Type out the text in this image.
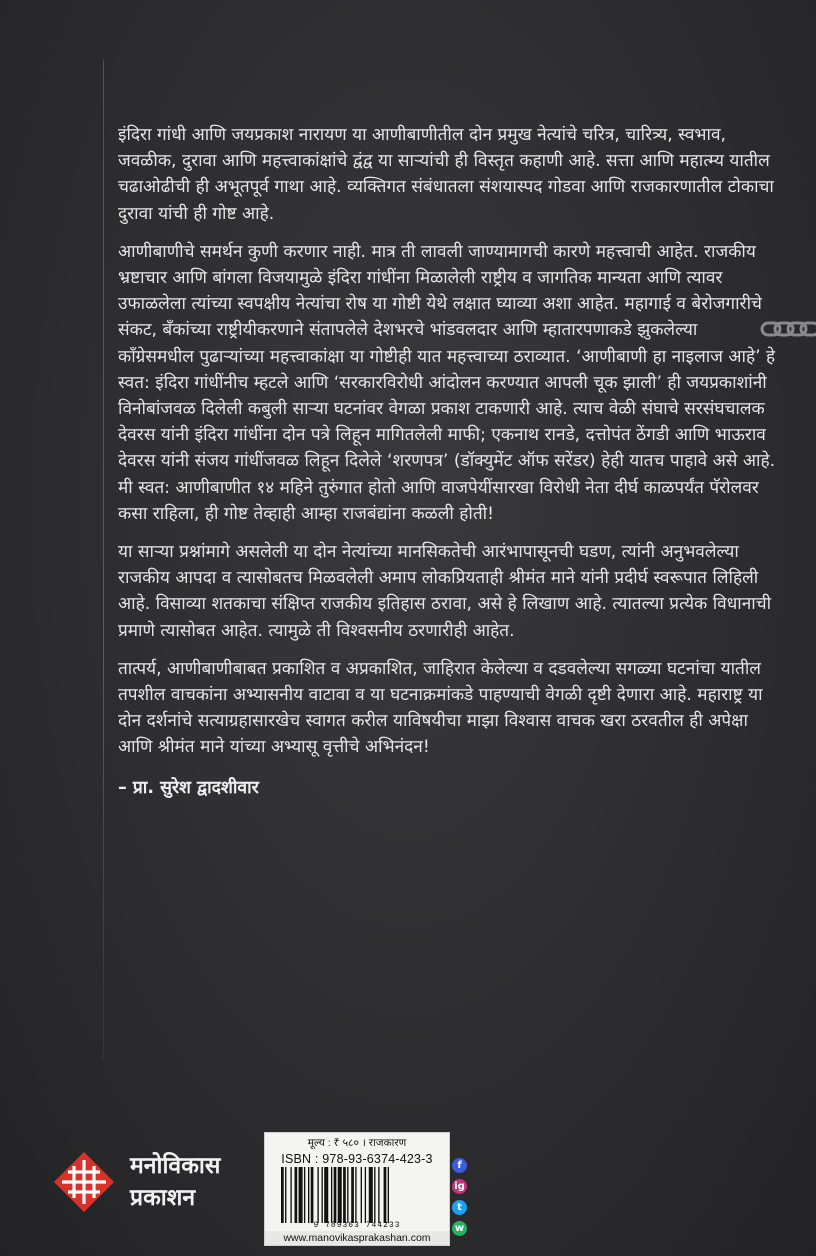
इंदिरा गांधी आणि जयप्रकाश नारायण या आणीबाणीतील दोन प्रमुख नेत्यांचे चरित्र, चारित्र्य, स्वभाव, जवळीक, दुरावा आणि महत्त्वाकांक्षांचे द्वंद्व या साऱ्यांची ही विस्तृत कहाणी आहे. सत्ता आणि महात्म्य यातील चढाओढीची ही अभूतपूर्व गाथा आहे. व्यक्तिगत संबंधातला संशयास्पद गोडवा आणि राजकारणातील टोकाचा दुरावा यांची ही गोष्ट आहे.

आणीबाणीचे समर्थन कुणी करणार नाही. मात्र ती लावली जाण्यामागची कारणे महत्त्वाची आहेत. राजकीय भ्रष्टाचार आणि बांगला विजयामुळे इंदिरा गांधींना मिळालेली राष्ट्रीय व जागतिक मान्यता आणि त्यावर उफाळलेला त्यांच्या स्वपक्षीय नेत्यांचा रोष या गोष्टी येथे लक्षात घ्याव्या अशा आहेत. महागाई व बेरोजगारीचे संकट, बँकांच्या राष्ट्रीयीकरणाने संतापलेले देशभरचे भांडवलदार आणि म्हातारपणाकडे झुकलेल्या काँग्रेसमधील पुढाऱ्यांच्या महत्त्वाकांक्षा या गोष्टीही यात महत्त्वाच्या ठराव्यात. ‘आणीबाणी हा नाइलाज आहे’ हे स्वत: इंदिरा गांधींनीच म्हटले आणि ‘सरकारविरोधी आंदोलन करण्यात आपली चूक झाली’ ही जयप्रकाशांनी विनोबांजवळ दिलेली कबुली साऱ्या घटनांवर वेगळा प्रकाश टाकणारी आहे. त्याच वेळी संघाचे सरसंघचालक देवरस यांनी इंदिरा गांधींना दोन पत्रे लिहून मागितलेली माफी; एकनाथ रानडे, दत्तोपंत ठेंगडी आणि भाऊराव देवरस यांनी संजय गांधींजवळ लिहून दिलेले ‘शरणपत्र’ (डॉक्युमेंट ऑफ सरेंडर) हेही यातच पाहावे असे आहे. मी स्वत: आणीबाणीत १४ महिने तुरुंगात होतो आणि वाजपेयींसारखा विरोधी नेता दीर्घ काळपर्यंत पॅरोलवर कसा राहिला, ही गोष्ट तेव्हाही आम्हा राजबंद्यांना कळली होती!

या साऱ्या प्रश्नांमागे असलेली या दोन नेत्यांच्या मानसिकतेची आरंभापासूनची घडण, त्यांनी अनुभवलेल्या राजकीय आपदा व त्यासोबतच मिळवलेली अमाप लोकप्रियताही श्रीमंत माने यांनी प्रदीर्घ स्वरूपात लिहिली आहे. विसाव्या शतकाचा संक्षिप्त राजकीय इतिहास ठरावा, असे हे लिखाण आहे. त्यातल्या प्रत्येक विधानाची प्रमाणे त्यासोबत आहेत. त्यामुळे ती विश्वसनीय ठरणारीही आहेत.

तात्पर्य, आणीबाणीबाबत प्रकाशित व अप्रकाशित, जाहिरात केलेल्या व दडवलेल्या सगळ्या घटनांचा यातील तपशील वाचकांना अभ्यासनीय वाटावा व या घटनाक्रमांकडे पाहण्याची वेगळी दृष्टी देणारा आहे. महाराष्ट्र या दोन दर्शनांचे सत्याग्रहासारखेच स्वागत करील याविषयीचा माझा विश्वास वाचक खरा ठरवतील ही अपेक्षा आणि श्रीमंत माने यांच्या अभ्यासू वृत्तीचे अभिनंदन!

– प्रा. सुरेश द्वादशीवार
मनोविकास
प्रकाशन
मूल्य : ₹ ५८० । राजकारण
ISBN : 978-93-6374-423-3
9 789363 744233
www.manovikasprakashan.com
f
ig
t
w
